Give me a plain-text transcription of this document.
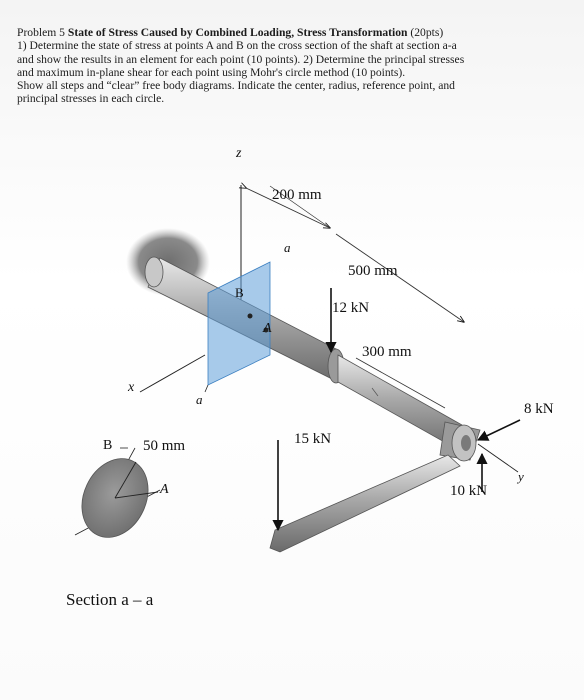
Problem 5 State of Stress Caused by Combined Loading, Stress Transformation (20pts)
1) Determine the state of stress at points A and B on the cross section of the shaft at section a-a
and show the results in an element for each point (10 points). 2) Determine the principal stresses
and maximum in-plane shear for each point using Mohr's circle method (10 points).
Show all steps and “clear” free body diagrams. Indicate the center, radius, reference point, and
principal stresses in each circle.
z
200 mm
a
500 mm
B
A
12 kN
300 mm
x
a
8 kN
15 kN
y
10 kN
B 50 mm
A
Section a – a
